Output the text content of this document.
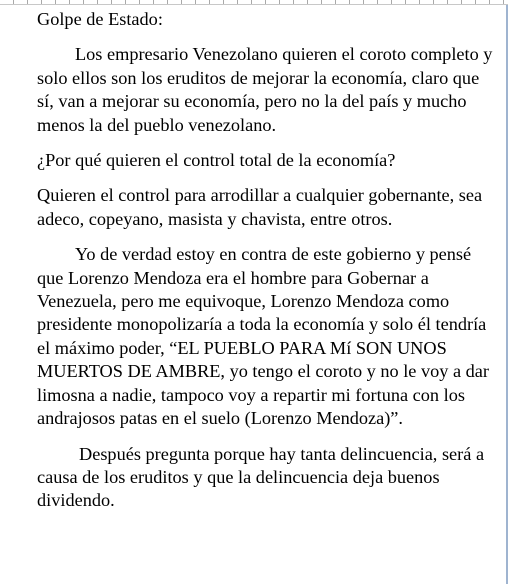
Golpe de Estado:

Los empresario Venezolano quieren el coroto completo y solo ellos son los eruditos de mejorar la economía, claro que sí, van a mejorar su economía, pero no la del país y mucho menos la del pueblo venezolano.

¿Por qué quieren el control total de la economía?

Quieren el control para arrodillar a cualquier gobernante, sea adeco, copeyano, masista y chavista, entre otros.

Yo de verdad estoy en contra de este gobierno y pensé que Lorenzo Mendoza era el hombre para Gobernar a Venezuela, pero me equivoque, Lorenzo Mendoza como presidente monopolizaría a toda la economía y solo él tendría el máximo poder, “EL PUEBLO PARA Mí SON UNOS MUERTOS DE AMBRE, yo tengo el coroto y no le voy a dar limosna a nadie, tampoco voy a repartir mi fortuna con los andrajosos patas en el suelo (Lorenzo Mendoza)”.

Después pregunta porque hay tanta delincuencia, será a causa de los eruditos y que la delincuencia deja buenos dividendo.
